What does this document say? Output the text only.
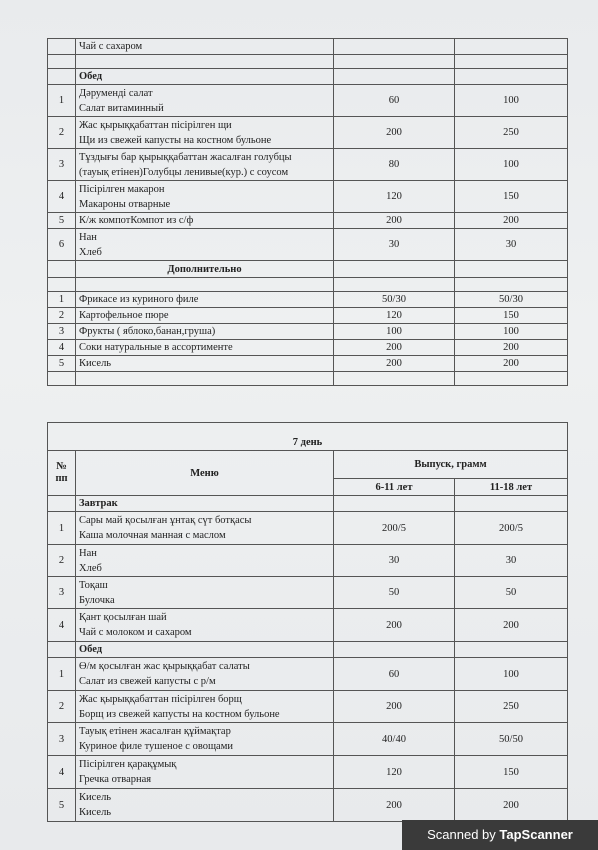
	Чай с сахаром		

	Обед		
1	Дәруменді салат
Салат витаминный	60	100
2	Жас қырыққабаттан пісірілген щи
Щи из свежей капусты на костном бульоне	200	250
3	Тұздығы бар қырыққабаттан жасалған голубцы
(тауық етінен)Голубцы ленивые(кур.) с соусом	80	100
4	Пісірілген макарон
Макароны отварные	120	150
5	К/ж компотКомпот из с/ф	200	200
6	Нан
Хлеб	30	30
	Дополнительно		

1	Фрикасе из куриного филе	50/30	50/30
2	Картофельное пюре	120	150
3	Фрукты ( яблоко,банан,груша)	100	100
4	Соки натуральные в ассортименте	200	200
5	Кисель	200	200

7 день			
№ пп	Меню	Выпуск, грамм	
		6-11 лет	11-18 лет
	Завтрак		
1	Сары май қосылған ұнтақ сүт ботқасы
Каша молочная манная с маслом	200/5	200/5
2	Нан
Хлеб	30	30
3	Тоқаш
Булочка	50	50
4	Қант қосылған шай
Чай с молоком и сахаром	200	200
	Обед		
1	Ө/м қосылған жас қырыққабат салаты
Салат из свежей капусты с р/м	60	100
2	Жас қырыққабаттан пісірілген борщ
Борщ из свежей капусты на костном бульоне	200	250
3	Тауық етінен жасалған құймақтар
Куриное филе тушеное с овощами	40/40	50/50
4	Пісірілген қарақұмық
Гречка отварная	120	150
5	Кисель
Кисель	200	200
Scanned by TapScanner
